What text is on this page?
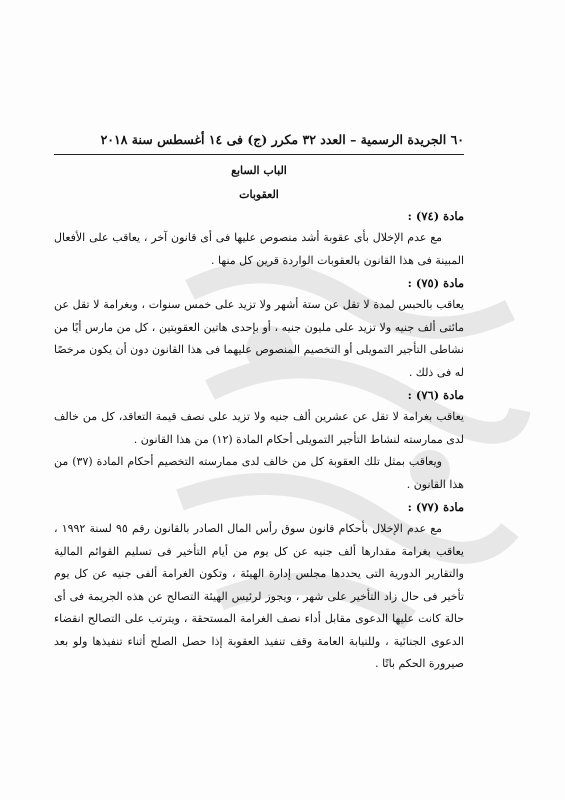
٦٠ الجريدة الرسمية – العدد ٣٢ مكرر (ج) فى ١٤ أغسطس سنة ٢٠١٨
الباب السابع
العقوبات
مادة (٧٤) :

مع عدم الإخلال بأى عقوبة أشد منصوص عليها فى أى قانون آخر ، يعاقب على الأفعال المبينة فى هذا القانون بالعقوبات الواردة قرين كل منها .

مادة (٧٥) :

يعاقب بالحبس لمدة لا تقل عن ستة أشهر ولا تزيد على خمس سنوات ، وبغرامة لا تقل عن مائتى ألف جنيه ولا تزيد على مليون جنيه ، أو بإحدى هاتين العقوبتين ، كل من مارس أيًا من نشاطى التأجير التمويلى أو التخصيم المنصوص عليهما فى هذا القانون دون أن يكون مرخصًا له فى ذلك .

مادة (٧٦) :

يعاقب بغرامة لا تقل عن عشرين ألف جنيه ولا تزيد على نصف قيمة التعاقد، كل من خالف لدى ممارسته لنشاط التأجير التمويلى أحكام المادة (١٢) من هذا القانون .

ويعاقب بمثل تلك العقوبة كل من خالف لدى ممارسته التخصيم أحكام المادة (٣٧) من هذا القانون .

مادة (٧٧) :

مع عدم الإخلال بأحكام قانون سوق رأس المال الصادر بالقانون رقم ٩٥ لسنة ١٩٩٢ ، يعاقب بغرامة مقدارها ألف جنيه عن كل يوم من أيام التأخير فى تسليم القوائم المالية والتقارير الدورية التى يحددها مجلس إدارة الهيئة ، وتكون الغرامة ألفى جنيه عن كل يوم تأخير فى حال زاد التأخير على شهر ، ويجوز لرئيس الهيئة التصالح عن هذه الجريمة فى أى حالة كانت عليها الدعوى مقابل أداء نصف الغرامة المستحقة ، ويترتب على التصالح انقضاء الدعوى الجنائية ، وللنيابة العامة وقف تنفيذ العقوبة إذا حصل الصلح أثناء تنفيذها ولو بعد صيرورة الحكم باتًا .
